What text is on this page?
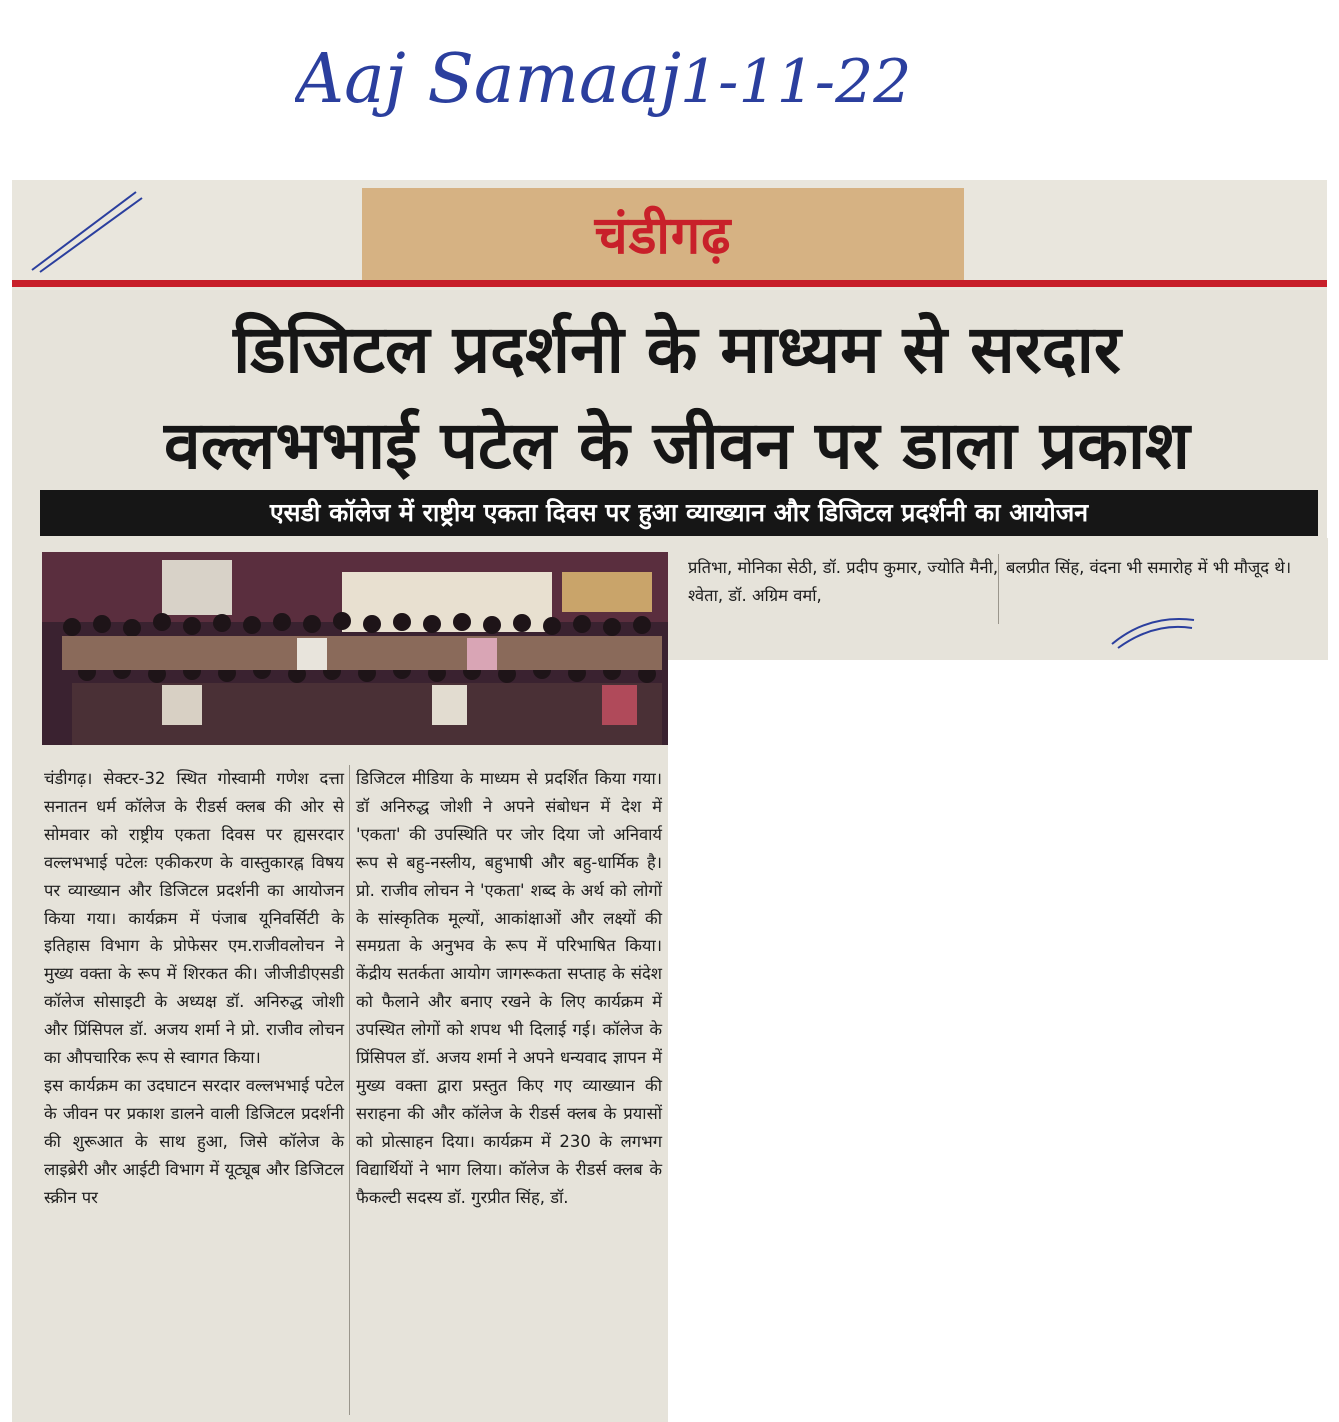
Aaj Samaaj
1-11-22
चंडीगढ़
डिजिटल प्रदर्शनी के माध्यम से सरदार
वल्लभभाई पटेल के जीवन पर डाला प्रकाश
एसडी कॉलेज में राष्ट्रीय एकता दिवस पर हुआ व्याख्यान और डिजिटल प्रदर्शनी का आयोजन

चंडीगढ़। सेक्टर-32 स्थित गोस्वामी गणेश दत्ता सनातन धर्म कॉलेज के रीडर्स क्लब की ओर से सोमवार को राष्ट्रीय एकता दिवस पर ह्यसरदार वल्लभभाई पटेलः एकीकरण के वास्तुकारह्न विषय पर व्याख्यान और डिजिटल प्रदर्शनी का आयोजन किया गया। कार्यक्रम में पंजाब यूनिवर्सिटी के इतिहास विभाग के प्रोफेसर एम.राजीवलोचन ने मुख्य वक्ता के रूप में शिरकत की। जीजीडीएसडी कॉलेज सोसाइटी के अध्यक्ष डॉ. अनिरुद्ध जोशी और प्रिंसिपल डॉ. अजय शर्मा ने प्रो. राजीव लोचन का औपचारिक रूप से स्वागत किया।

इस कार्यक्रम का उदघाटन सरदार वल्लभभाई पटेल के जीवन पर प्रकाश डालने वाली डिजिटल प्रदर्शनी की शुरूआत के साथ हुआ, जिसे कॉलेज के लाइब्रेरी और आईटी विभाग में यूट्यूब और डिजिटल स्क्रीन पर

डिजिटल मीडिया के माध्यम से प्रदर्शित किया गया। डॉ अनिरुद्ध जोशी ने अपने संबोधन में देश में 'एकता' की उपस्थिति पर जोर दिया जो अनिवार्य रूप से बहु-नस्लीय, बहुभाषी और बहु-धार्मिक है। प्रो. राजीव लोचन ने 'एकता' शब्द के अर्थ को लोगों के सांस्कृतिक मूल्यों, आकांक्षाओं और लक्ष्यों की समग्रता के अनुभव के रूप में परिभाषित किया। केंद्रीय सतर्कता आयोग जागरूकता सप्ताह के संदेश को फैलाने और बनाए रखने के लिए कार्यक्रम में उपस्थित लोगों को शपथ भी दिलाई गई। कॉलेज के प्रिंसिपल डॉ. अजय शर्मा ने अपने धन्यवाद ज्ञापन में मुख्य वक्ता द्वारा प्रस्तुत किए गए व्याख्यान की सराहना की और कॉलेज के रीडर्स क्लब के प्रयासों को प्रोत्साहन दिया। कार्यक्रम में 230 के लगभग विद्यार्थियों ने भाग लिया। कॉलेज के रीडर्स क्लब के फैकल्टी सदस्य डॉ. गुरप्रीत सिंह, डॉ.

प्रतिभा, मोनिका सेठी, डॉ. प्रदीप कुमार, ज्योति मैनी, श्वेता, डॉ. अग्रिम वर्मा,

बलप्रीत सिंह, वंदना भी समारोह में भी मौजूद थे।
